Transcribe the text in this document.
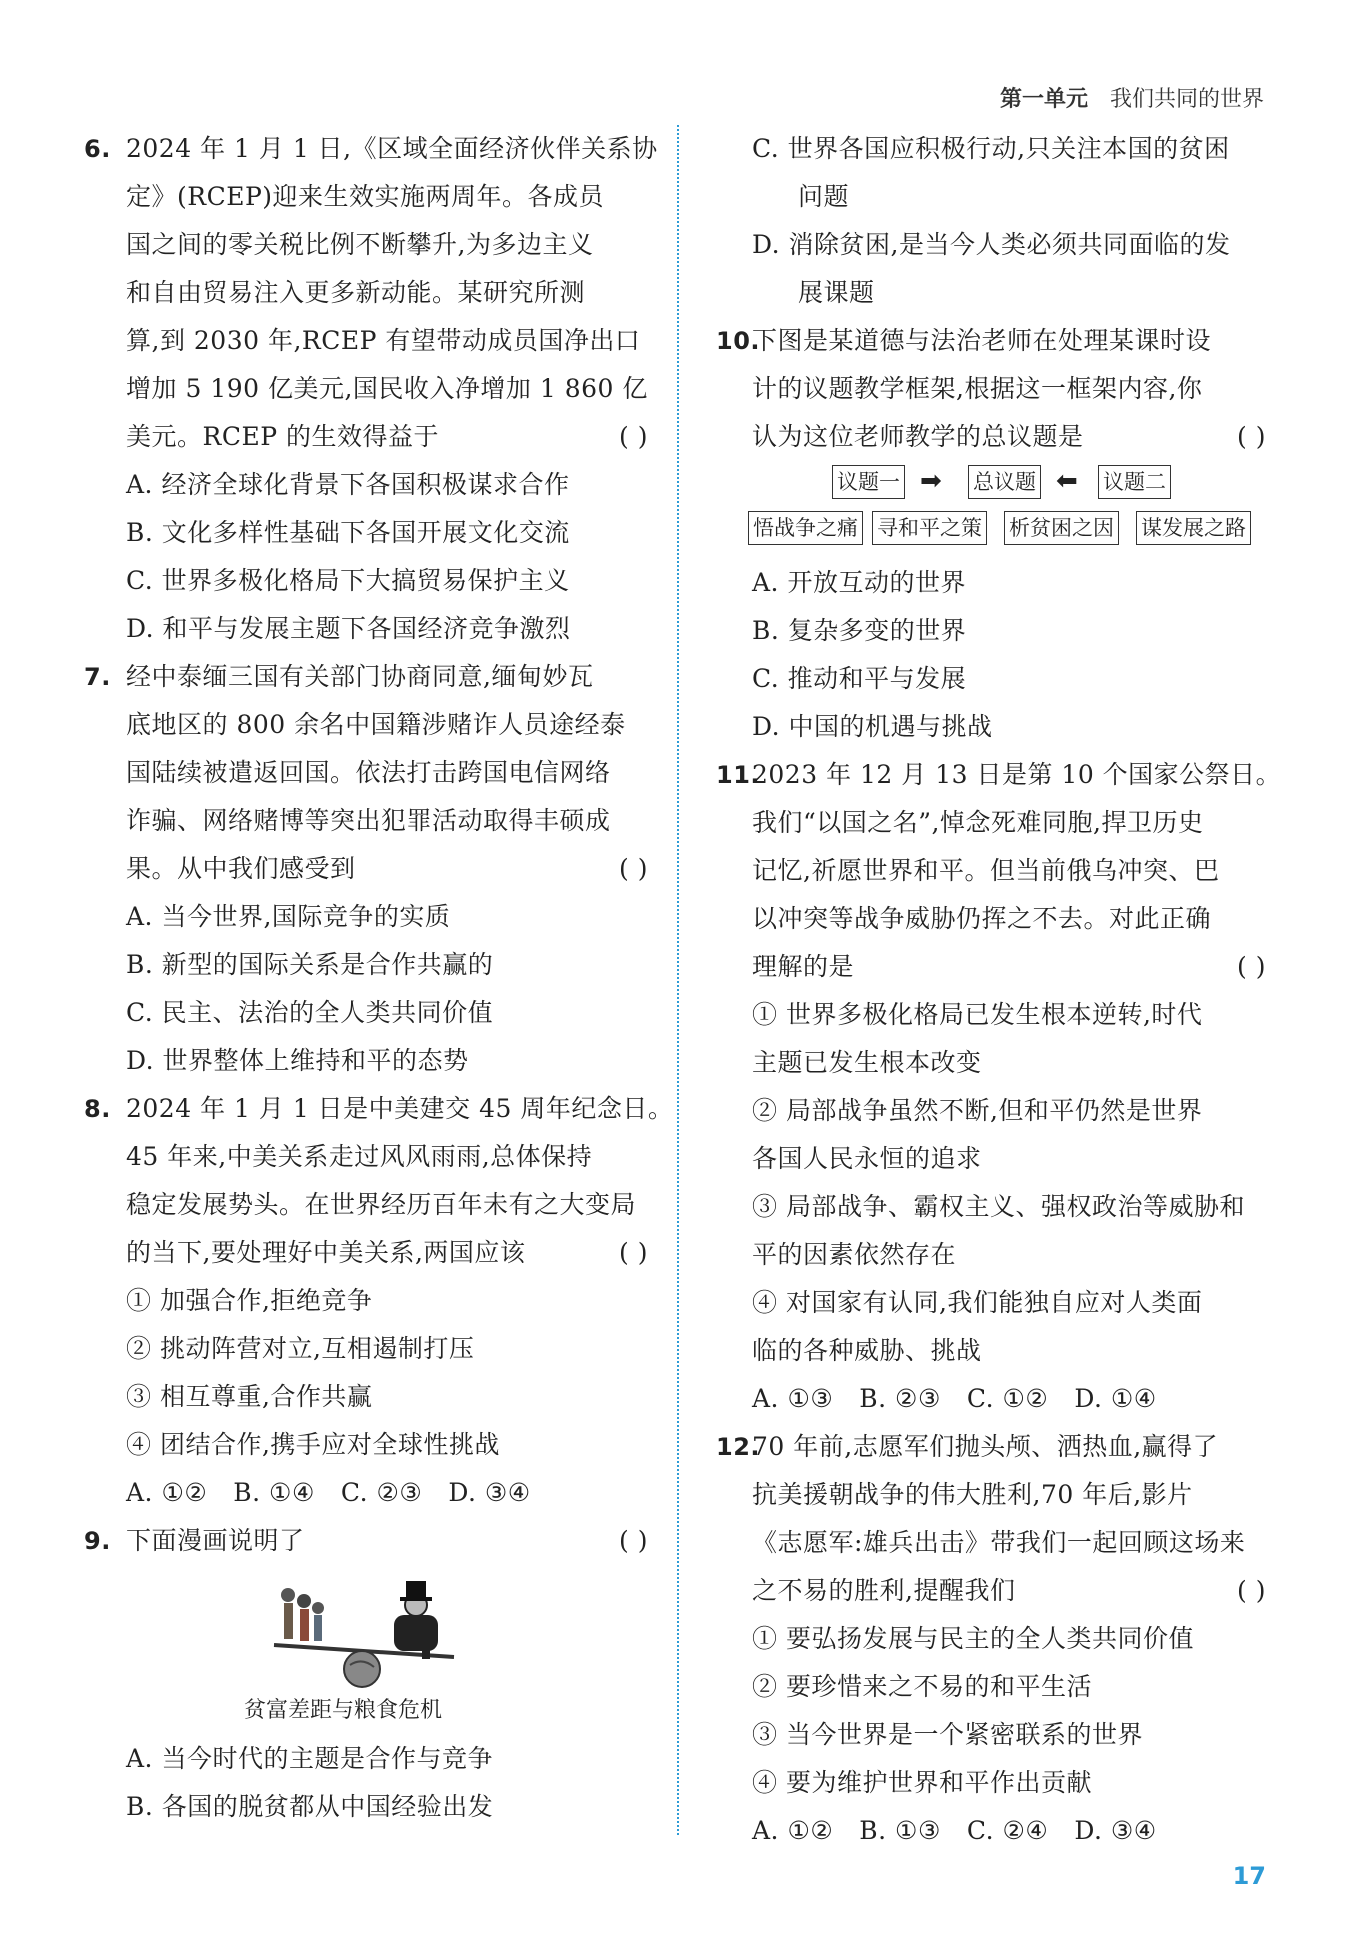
第一单元 我们共同的世界
6. 2024 年 1 月 1 日,《区域全面经济伙伴关系协
定》(RCEP)迎来生效实施两周年。各成员
国之间的零关税比例不断攀升,为多边主义
和自由贸易注入更多新动能。某研究所测
算,到 2030 年,RCEP 有望带动成员国净出口
增加 5 190 亿美元,国民收入净增加 1 860 亿
美元。RCEP 的生效得益于	( )
A. 经济全球化背景下各国积极谋求合作
B. 文化多样性基础下各国开展文化交流
C. 世界多极化格局下大搞贸易保护主义
D. 和平与发展主题下各国经济竞争激烈
7. 经中泰缅三国有关部门协商同意,缅甸妙瓦
底地区的 800 余名中国籍涉赌诈人员途经泰
国陆续被遣返回国。依法打击跨国电信网络
诈骗、网络赌博等突出犯罪活动取得丰硕成
果。从中我们感受到	( )
A. 当今世界,国际竞争的实质
B. 新型的国际关系是合作共赢的
C. 民主、法治的全人类共同价值
D. 世界整体上维持和平的态势
8. 2024 年 1 月 1 日是中美建交 45 周年纪念日。
45 年来,中美关系走过风风雨雨,总体保持
稳定发展势头。在世界经历百年未有之大变局
的当下,要处理好中美关系,两国应该	( )
① 加强合作,拒绝竞争
② 挑动阵营对立,互相遏制打压
③ 相互尊重,合作共赢
④ 团结合作,携手应对全球性挑战
A. ①② B. ①④ C. ②③ D. ③④
9. 下面漫画说明了	( )
贫富差距与粮食危机
A. 当今时代的主题是合作与竞争
B. 各国的脱贫都从中国经验出发
C. 世界各国应积极行动,只关注本国的贫困
问题
D. 消除贫困,是当今人类必须共同面临的发
展课题
10.
下图是某道德与法治老师在处理某课时设
计的议题教学框架,根据这一框架内容,你
认为这位老师教学的总议题是	( )
议题一 ➡ 总议题 ⬅ 议题二
悟战争之痛 寻和平之策 析贫困之因 谋发展之路
A. 开放互动的世界
B. 复杂多变的世界
C. 推动和平与发展
D. 中国的机遇与挑战
11.
2023 年 12 月 13 日是第 10 个国家公祭日。
我们“以国之名”,悼念死难同胞,捍卫历史
记忆,祈愿世界和平。但当前俄乌冲突、巴
以冲突等战争威胁仍挥之不去。对此正确
理解的是	( )
① 世界多极化格局已发生根本逆转,时代
主题已发生根本改变
② 局部战争虽然不断,但和平仍然是世界
各国人民永恒的追求
③ 局部战争、霸权主义、强权政治等威胁和
平的因素依然存在
④ 对国家有认同,我们能独自应对人类面
临的各种威胁、挑战
A. ①③ B. ②③ C. ①② D. ①④
12.
70 年前,志愿军们抛头颅、洒热血,赢得了
抗美援朝战争的伟大胜利,70 年后,影片
《志愿军:雄兵出击》带我们一起回顾这场来
之不易的胜利,提醒我们	( )
① 要弘扬发展与民主的全人类共同价值
② 要珍惜来之不易的和平生活
③ 当今世界是一个紧密联系的世界
④ 要为维护世界和平作出贡献
A. ①② B. ①③ C. ②④ D. ③④
17
